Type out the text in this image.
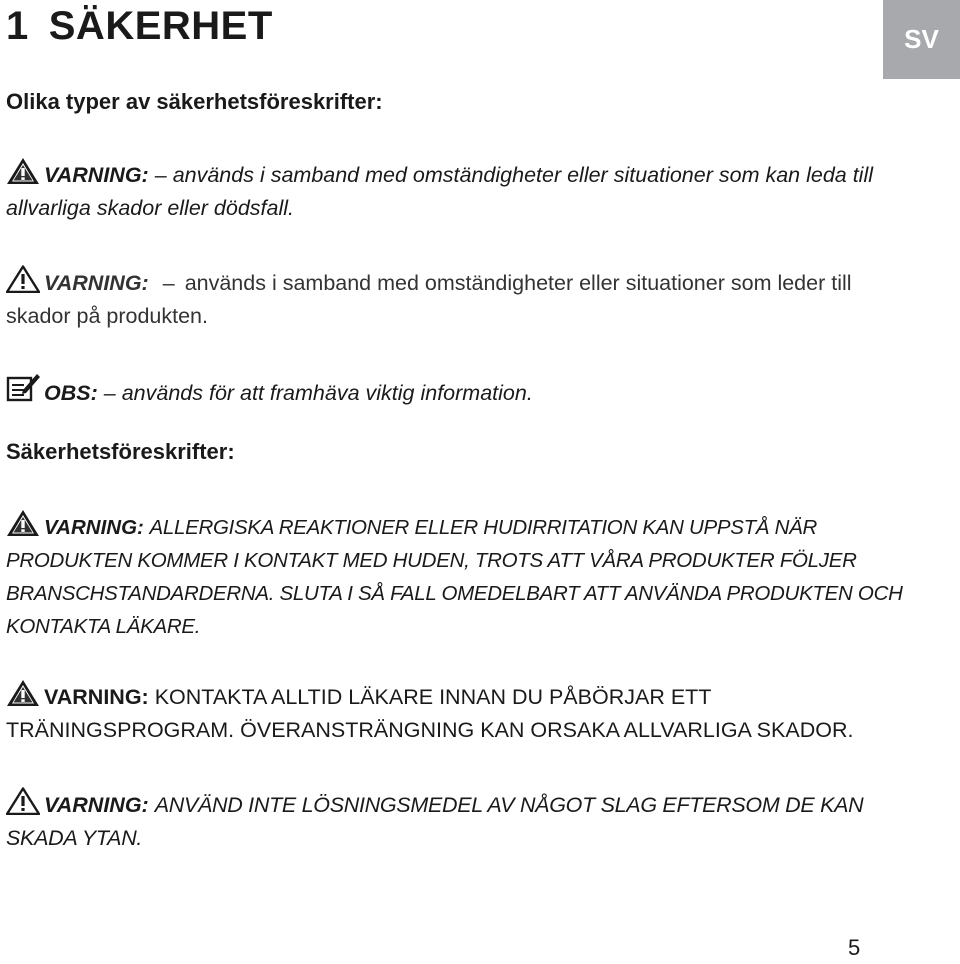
1 SÄKERHET	SV
Olika typer av säkerhetsföreskrifter:

VARNING: – används i samband med omständigheter eller situationer som kan leda till allvarliga skador eller dödsfall.

VARNING: – används i samband med omständigheter eller situationer som leder till skador på produkten.

OBS: – används för att framhäva viktig information.

Säkerhetsföreskrifter:

VARNING: ALLERGISKA REAKTIONER ELLER HUDIRRITATION KAN UPPSTÅ NÄR PRODUKTEN KOMMER I KONTAKT MED HUDEN, TROTS ATT VÅRA PRODUKTER FÖLJER BRANSCHSTANDARDERNA. SLUTA I SÅ FALL OMEDELBART ATT ANVÄNDA PRODUKTEN OCH KONTAKTA LÄKARE.

VARNING: KONTAKTA ALLTID LÄKARE INNAN DU PÅBÖRJAR ETT TRÄNINGSPROGRAM. ÖVERANSTRÄNGNING KAN ORSAKA ALLVARLIGA SKADOR.

VARNING: ANVÄND INTE LÖSNINGSMEDEL AV NÅGOT SLAG EFTERSOM DE KAN SKADA YTAN.

5
